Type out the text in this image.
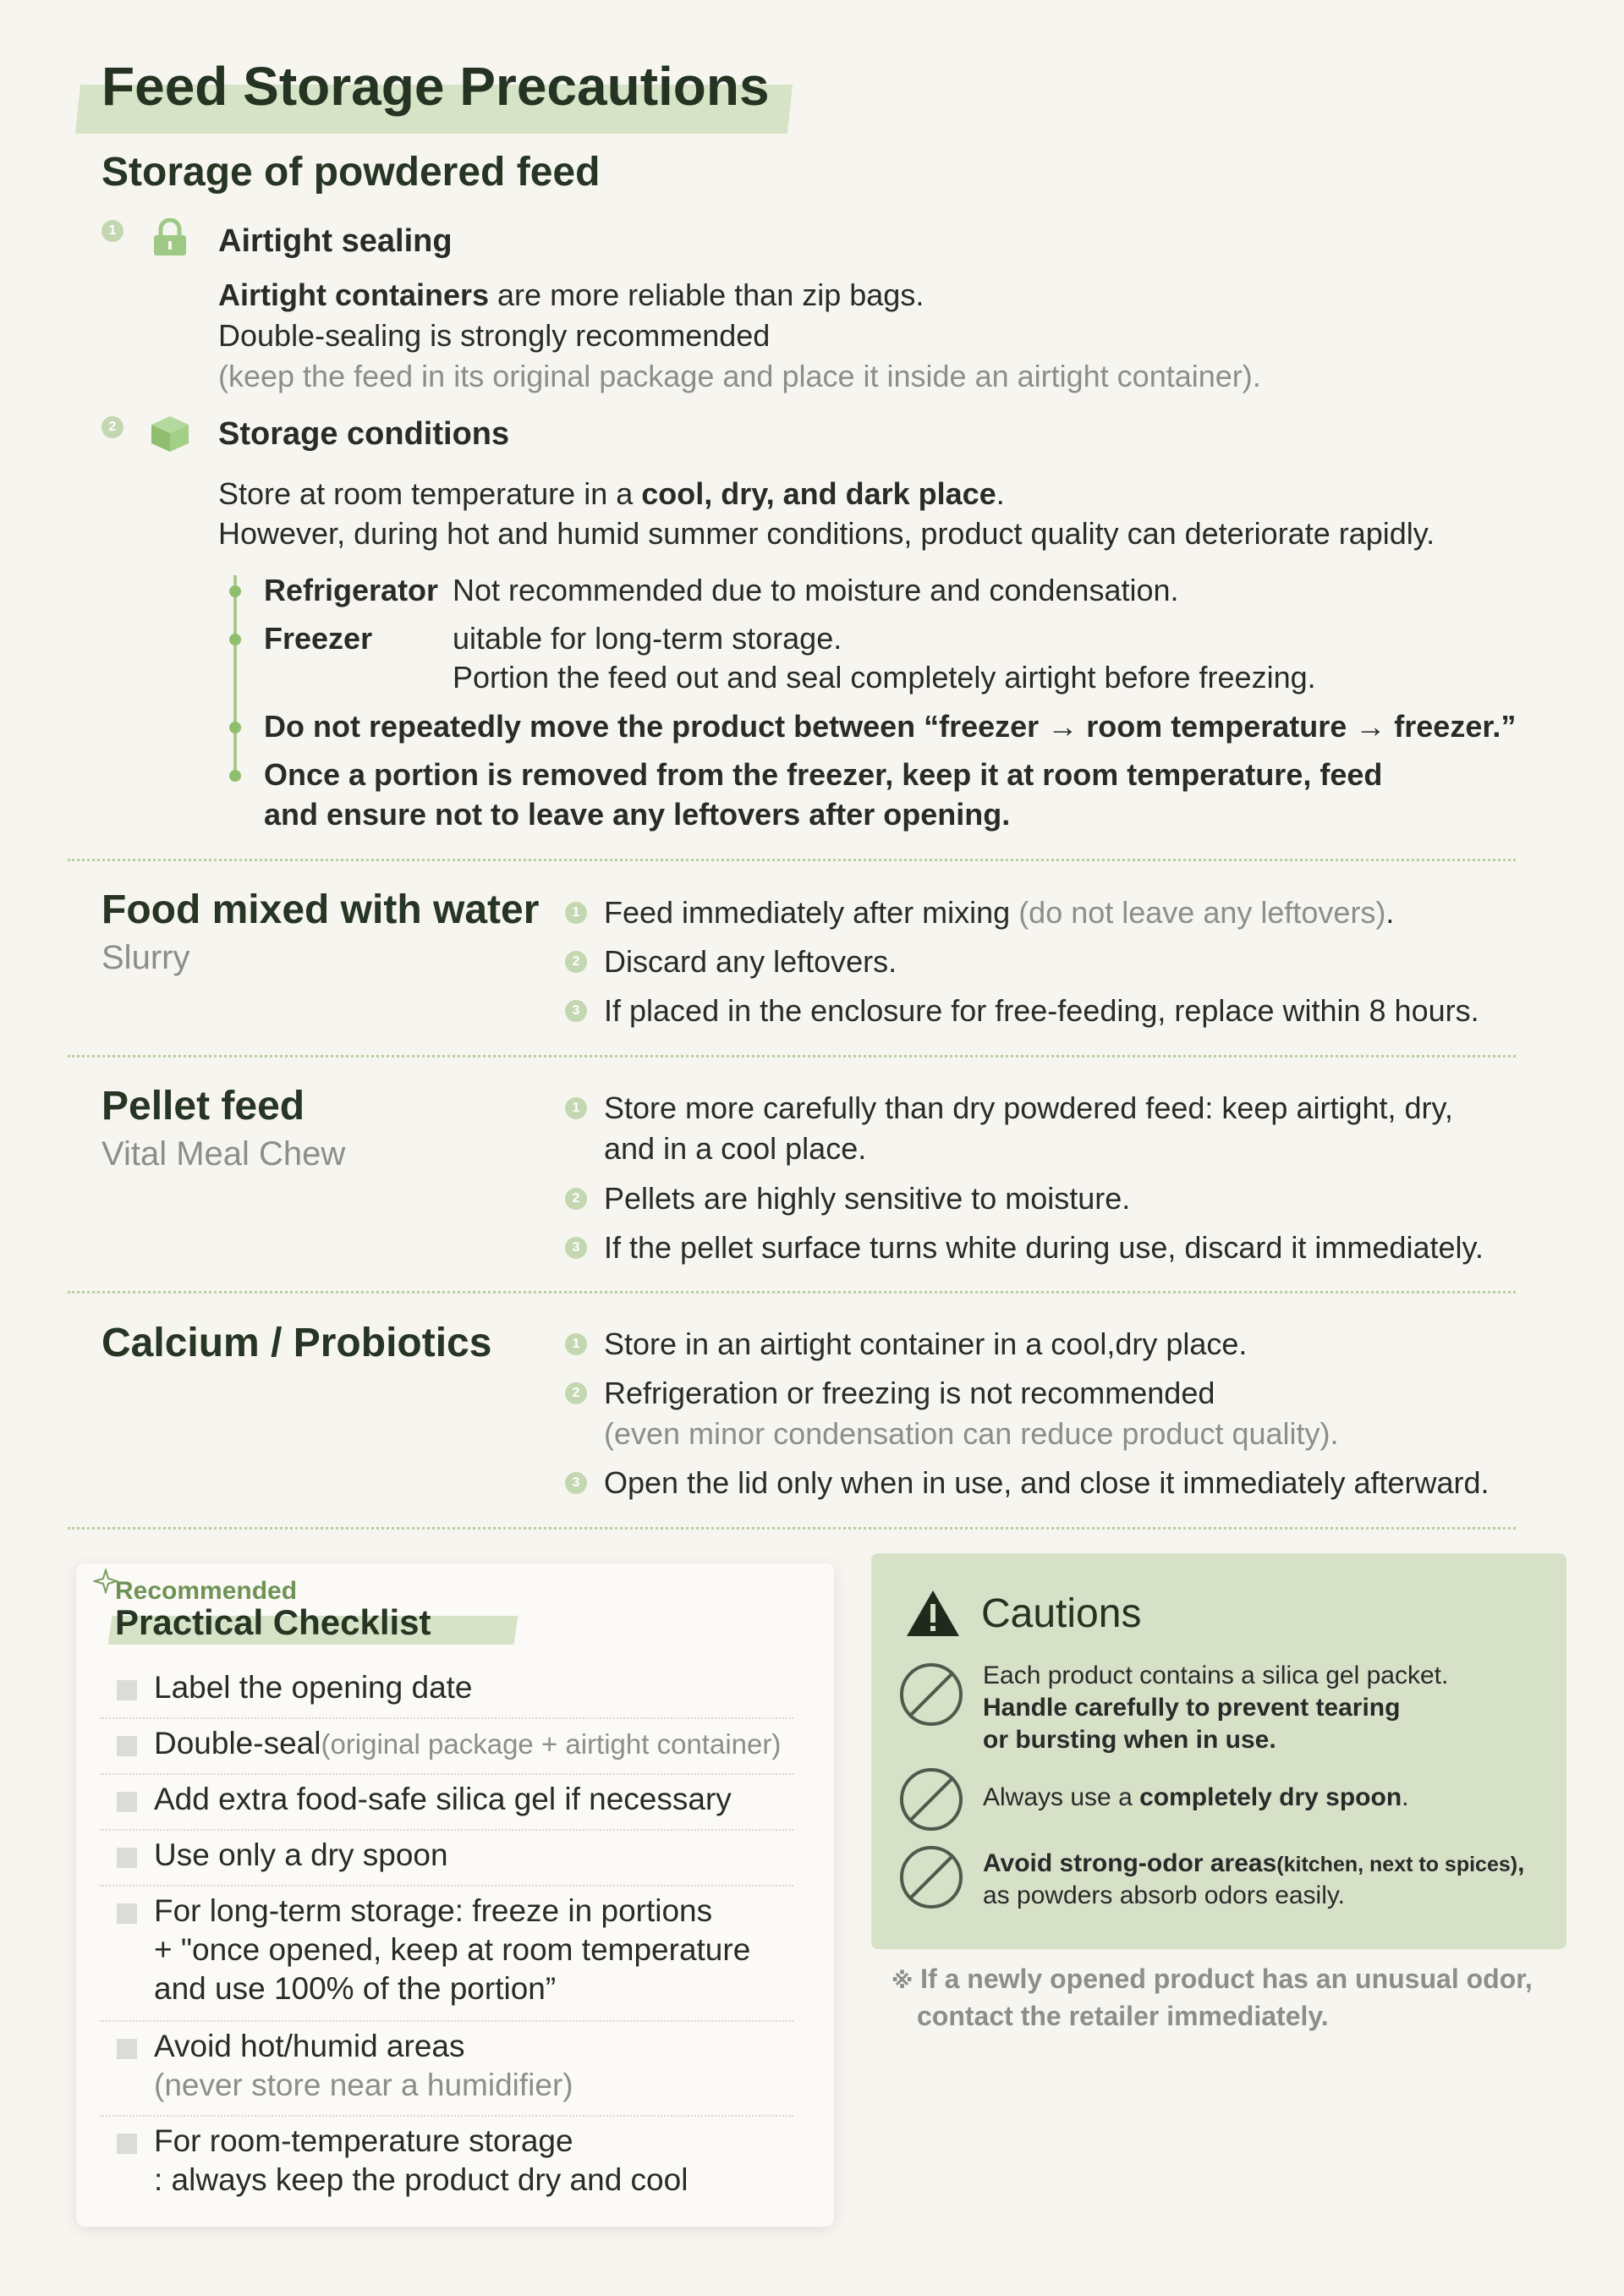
Feed Storage Precautions
Storage of powdered feed
1	Airtight sealing
Airtight containers are more reliable than zip bags.
Double-sealing is strongly recommended
(keep the feed in its original package and place it inside an airtight container).
2	Storage conditions
Store at room temperature in a cool, dry, and dark place.
However, during hot and humid summer conditions, product quality can deteriorate rapidly.
Refrigerator Not recommended due to moisture and condensation.
Freezer	uitable for long-term storage.
Portion the feed out and seal completely airtight before freezing.
Do not repeatedly move the product between “freezer → room temperature → freezer.”
Once a portion is removed from the freezer, keep it at room temperature, feed
and ensure not to leave any leftovers after opening.
Food mixed with water
Slurry
1 Feed immediately after mixing (do not leave any leftovers).
2 Discard any leftovers.
3 If placed in the enclosure for free-feeding, replace within 8 hours.
Pellet feed
Vital Meal Chew
1 Store more carefully than dry powdered feed: keep airtight, dry,
and in a cool place.
2 Pellets are highly sensitive to moisture.
3 If the pellet surface turns white during use, discard it immediately.
Calcium / Probiotics	1 Store in an airtight container in a cool,dry place.
2 Refrigeration or freezing is not recommended
(even minor condensation can reduce product quality).
3 Open the lid only when in use, and close it immediately afterward.
Recommended
Practical Checklist
Label the opening date
Double-seal(original package + airtight container)
Add extra food-safe silica gel if necessary
Use only a dry spoon
For long-term storage: freeze in portions
+ "once opened, keep at room temperature
and use 100% of the portion”
Avoid hot/humid areas
(never store near a humidifier)
For room-temperature storage
: always keep the product dry and cool
Cautions
Each product contains a silica gel packet.
Handle carefully to prevent tearing
or bursting when in use.
Always use a completely dry spoon.
Avoid strong-odor areas(kitchen, next to spices),
as powders absorb odors easily.
※ If a newly opened product has an unusual odor,
contact the retailer immediately.
